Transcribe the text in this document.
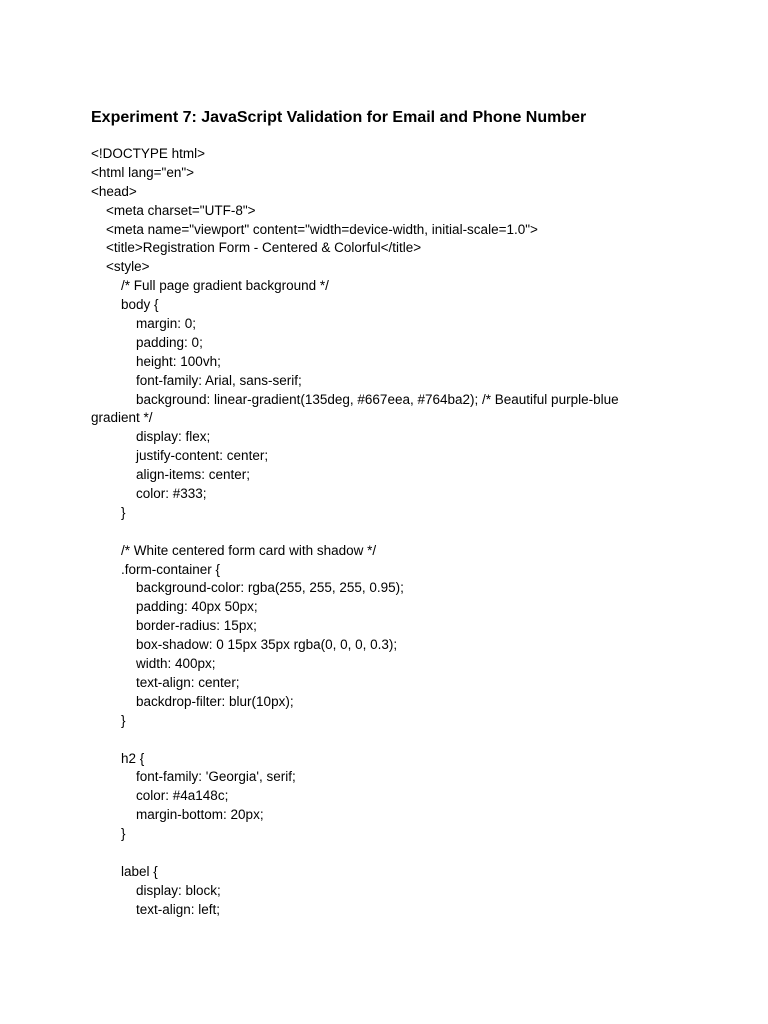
Experiment 7: JavaScript Validation for Email and Phone Number
<!DOCTYPE html>
<html lang="en">
<head>
<meta charset="UTF-8">
<meta name="viewport" content="width=device-width, initial-scale=1.0">
<title>Registration Form - Centered & Colorful</title>
<style>
/* Full page gradient background */
body {
margin: 0;
padding: 0;
height: 100vh;
font-family: Arial, sans-serif;
background: linear-gradient(135deg, #667eea, #764ba2); /* Beautiful purple-blue
gradient */
display: flex;
justify-content: center;
align-items: center;
color: #333;
}
/* White centered form card with shadow */
.form-container {
background-color: rgba(255, 255, 255, 0.95);
padding: 40px 50px;
border-radius: 15px;
box-shadow: 0 15px 35px rgba(0, 0, 0, 0.3);
width: 400px;
text-align: center;
backdrop-filter: blur(10px);
}
h2 {
font-family: 'Georgia', serif;
color: #4a148c;
margin-bottom: 20px;
}
label {
display: block;
text-align: left;
